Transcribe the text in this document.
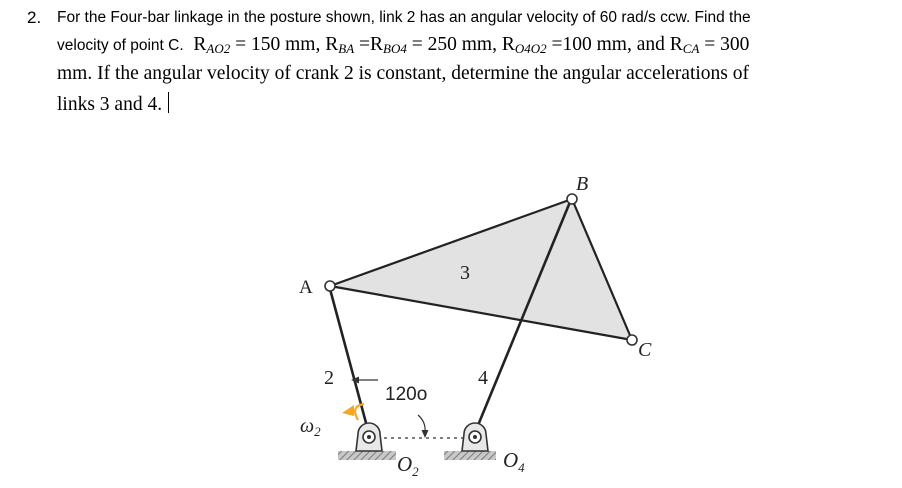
2. For the Four-bar linkage in the posture shown, link 2 has an angular velocity of 60 rad/s ccw. Find the
velocity of point C. $R_{AO2} = 150$ mm, $R_{BA} =R_{BO4} = 250$ mm, $R_{O4O2} =100$ mm, and $R_{CA} = 300$
mm. If the angular velocity of crank 2 is constant, determine the angular accelerations of
links 3 and 4.
A
B
C
3
2	4
120o
$\omega_2$
$O_2$	$O_4$
